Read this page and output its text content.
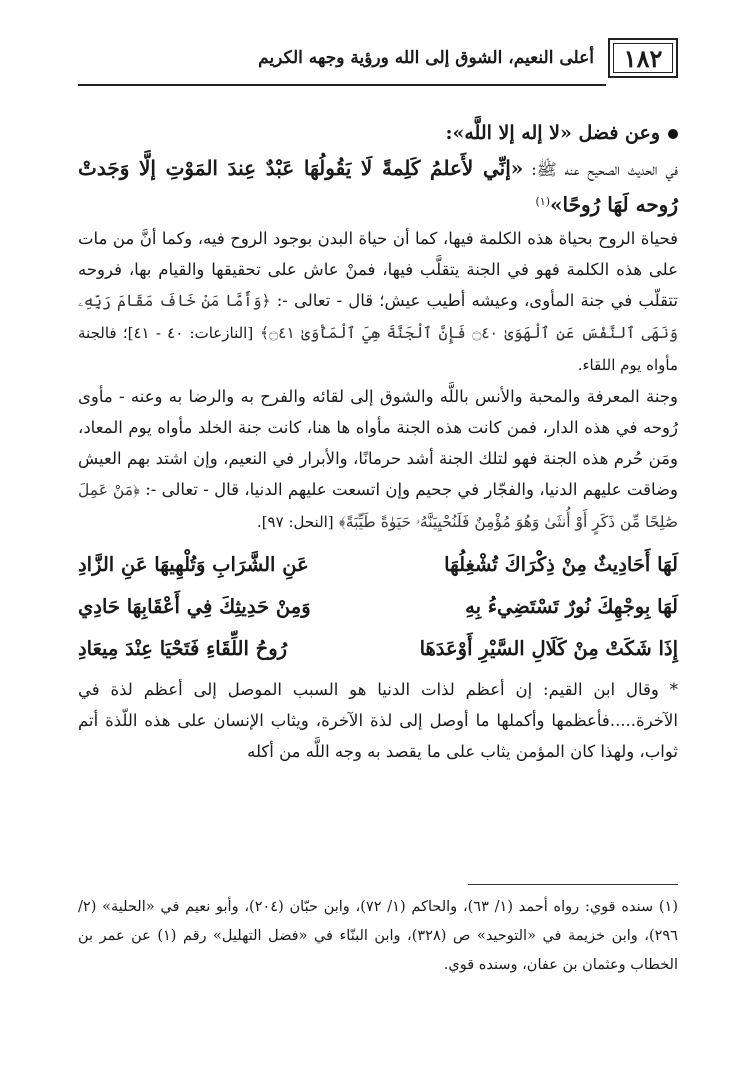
١٨٢
أعلى النعيم، الشوق إلى الله ورؤية وجهه الكريم

وعن فضل «لا إله إلا اللَّه»:

في الحديث الصحيح عنه ﷺ: «إنِّي لأَعلمُ كَلِمةً لَا يَقُولُهَا عَبْدٌ عِندَ المَوْتِ إلَّا وَجَدتْ رُوحه لَهَا رُوحًا»$^{(١)}$

فحياة الروح بحياة هذه الكلمة فيها، كما أن حياة البدن بوجود الروح فيه، وكما أنَّ من مات على هذه الكلمة فهو في الجنة يتقلَّب فيها، فمنْ عاش على تحقيقها والقيام بها، فروحه تتقلّب في جنة المأوى، وعيشه أطيب عيش؛ قال - تعالى -: ﴿وَأَمَّا مَنْ خَافَ مَقَامَ رَبِّهِۦ وَنَهَى ٱلنَّفْسَ عَنِ ٱلْهَوَىٰ ۝٤٠ فَإِنَّ ٱلْجَنَّةَ هِيَ ٱلْمَأْوَىٰ ۝٤١﴾ [النازعات: ٤٠ - ٤١]؛ فالجنة مأواه يوم اللقاء.

وجنة المعرفة والمحبة والأنس باللَّه والشوق إلى لقائه والفرح به والرضا به وعنه - مأوى رُوحه في هذه الدار، فمن كانت هذه الجنة مأواه ها هنا، كانت جنة الخلد مأواه يوم المعاد، ومَن حُرم هذه الجنة فهو لتلك الجنة أشد حرمانًا، والأبرار في النعيم، وإن اشتد بهم العيش وضاقت عليهم الدنيا، والفجّار في جحيم وإن اتسعت عليهم الدنيا، قال - تعالى -: ﴿مَنْ عَمِلَ صَٰلِحًا مِّن ذَكَرٍ أَوْ أُنثَىٰ وَهُوَ مُؤْمِنٌ فَلَنُحْيِيَنَّهُۥ حَيَوٰةً طَيِّبَةً﴾ [النحل: ٩٧].

لَهَا أَحَادِيثٌ مِنْ ذِكْرَاكَ تُشْغِلُهَا
عَنِ الشَّرَابِ وَتُلْهِيهَا عَنِ الزَّادِ
لَهَا بِوجْهِكَ نُورٌ تَسْتَضِيءُ بِهِ
وَمِنْ حَدِيثِكَ فِي أَعْقَابِهَا حَادِي
إِذَا شَكَتْ مِنْ كَلَالِ السَّيْرِ أَوْعَدَهَا
رُوحُ اللِّقَاءِ فَتَحْيَا عِنْدَ مِيعَادِ

* وقال ابن القيم: إن أعظم لذات الدنيا هو السبب الموصل إلى أعظم لذة في الآخرة.....فأعظمها وأكملها ما أوصل إلى لذة الآخرة، ويثاب الإنسان على هذه اللّذة أتم ثواب، ولهذا كان المؤمن يثاب على ما يقصد به وجه اللَّه من أكله

(١) سنده قوي: رواه أحمد (١/ ٦٣)، والحاكم (١/ ٧٢)، وابن حبّان (٢٠٤)، وأبو نعيم في «الحلية» (٢/ ٢٩٦)، وابن خزيمة في «التوحيد» ص (٣٢٨)، وابن البنّاء في «فضل التهليل» رقم (١) عن عمر بن الخطاب وعثمان بن عفان، وسنده قوي.
